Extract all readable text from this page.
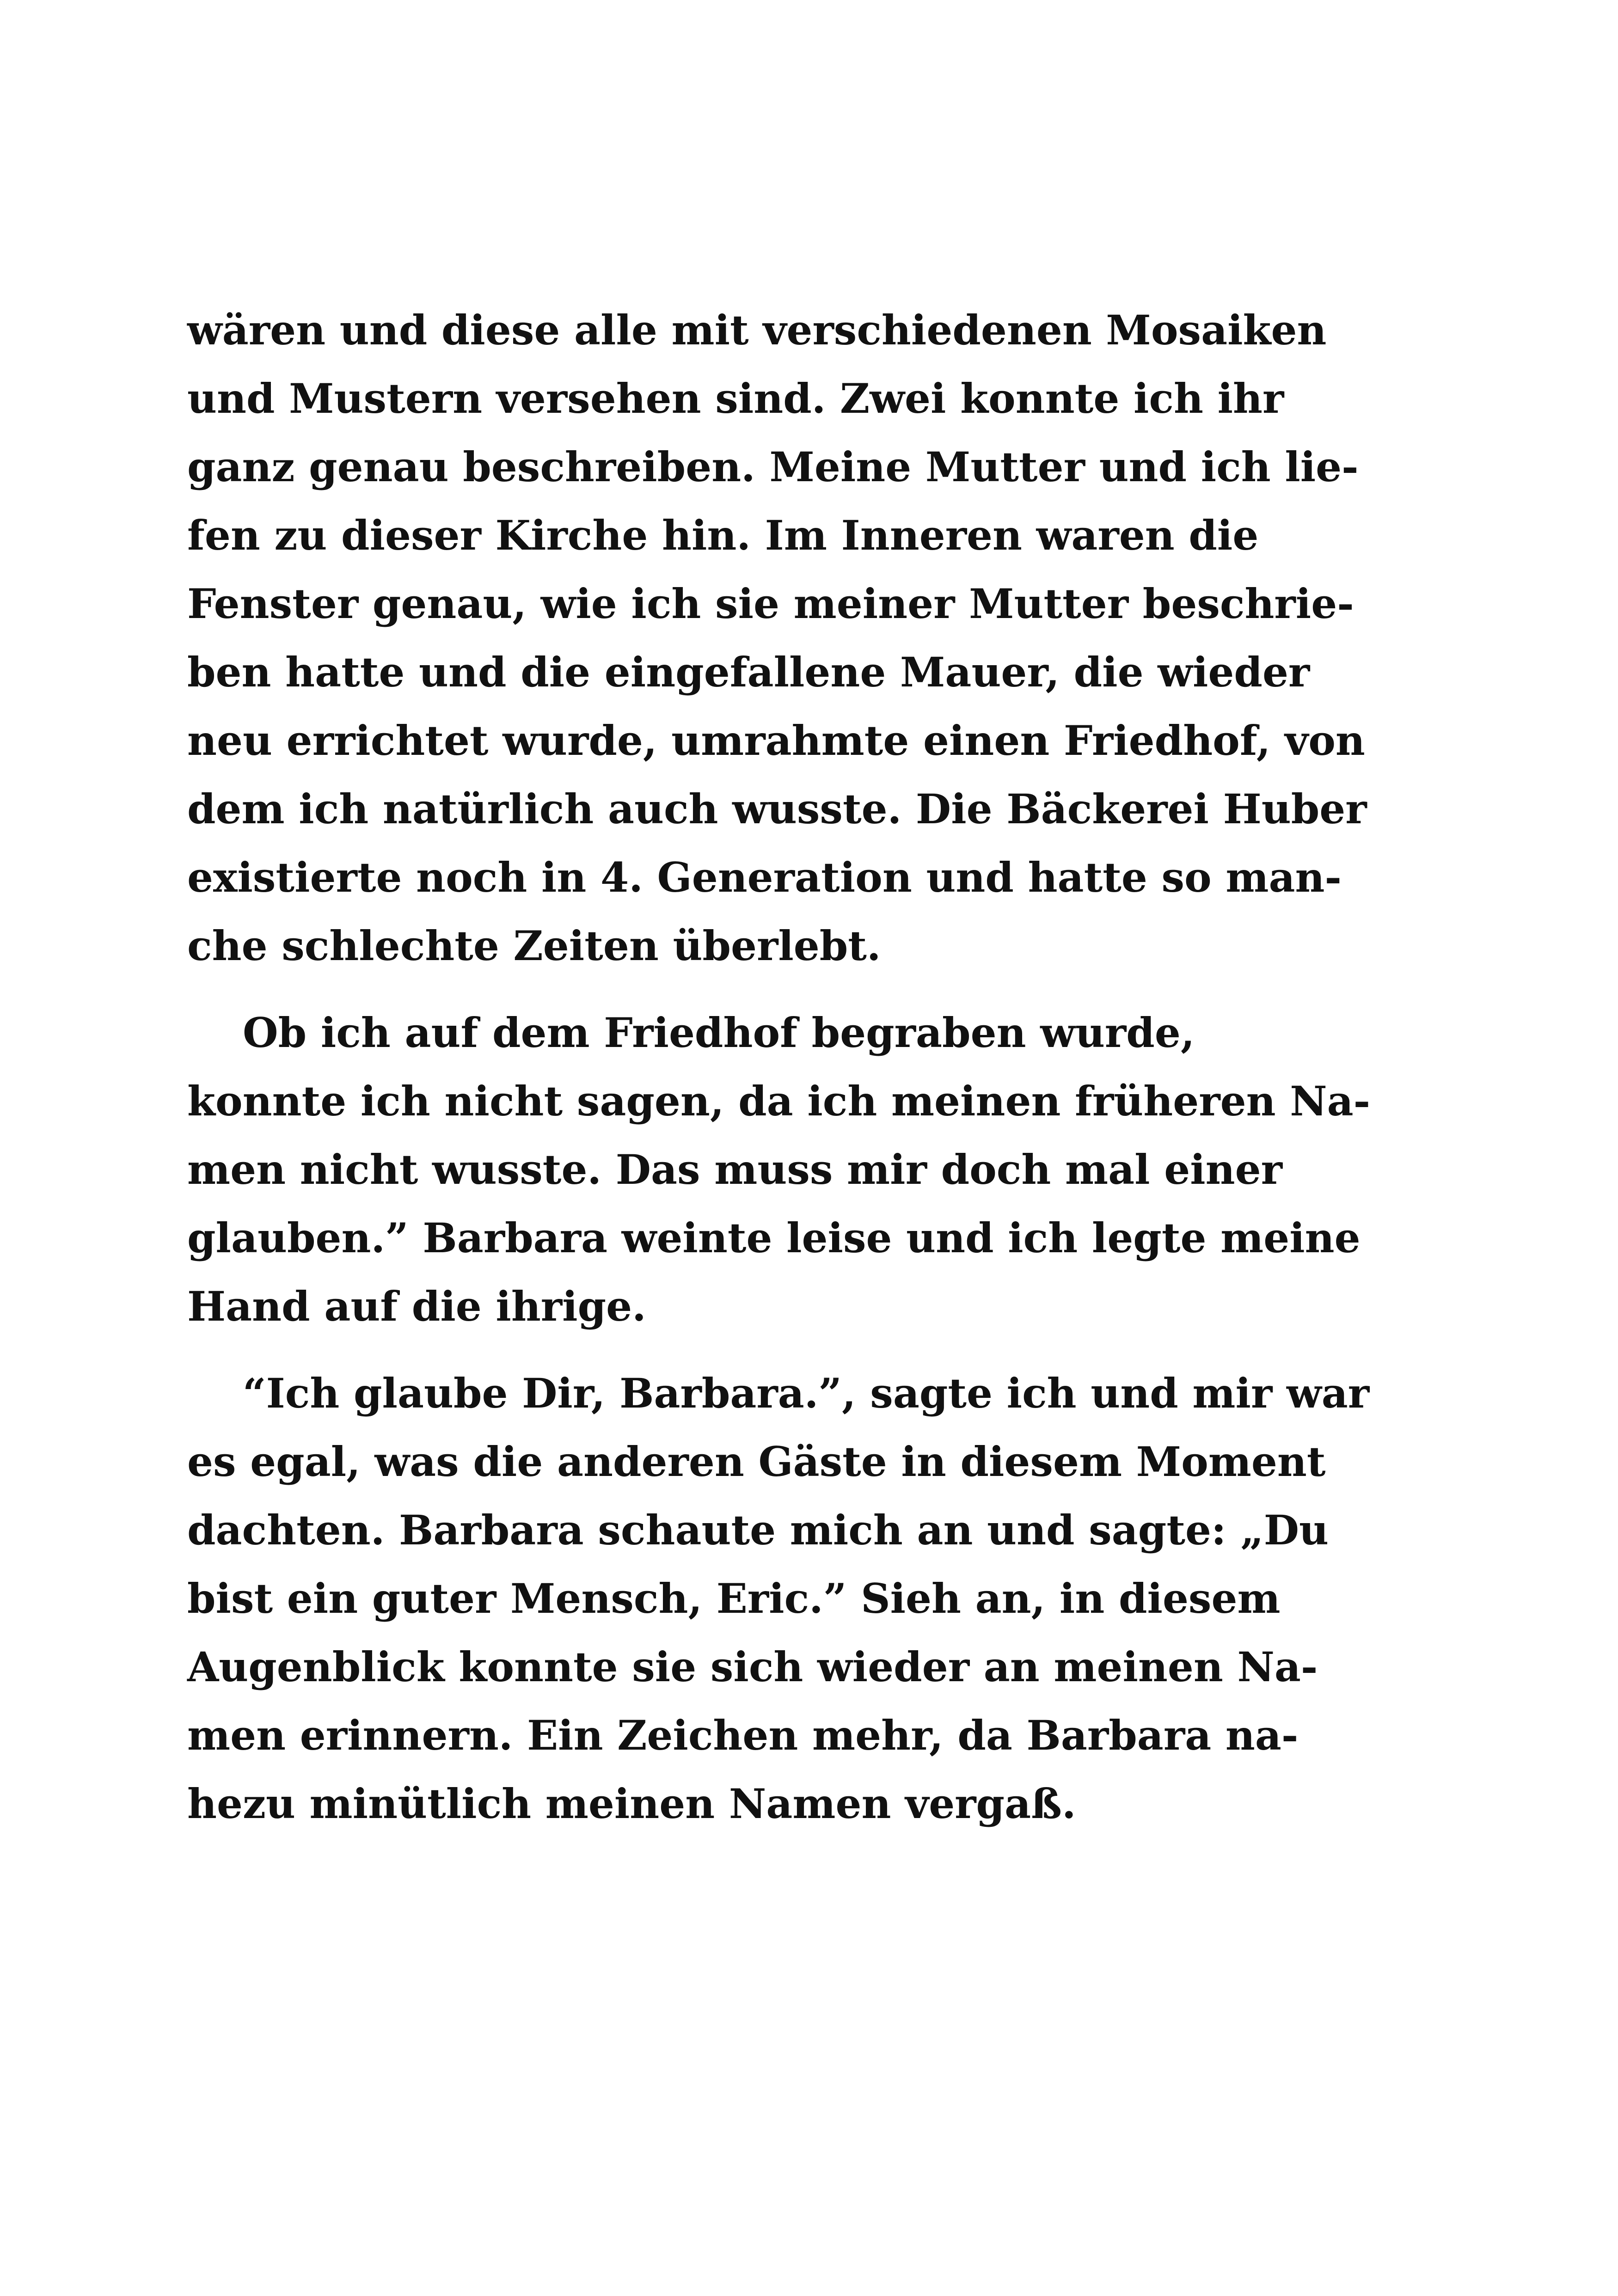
wären und diese alle mit verschiedenen Mosaiken
und Mustern versehen sind. Zwei konnte ich ihr
ganz genau beschreiben. Meine Mutter und ich lie-
fen zu dieser Kirche hin. Im Inneren waren die
Fenster genau, wie ich sie meiner Mutter beschrie-
ben hatte und die eingefallene Mauer, die wieder
neu errichtet wurde, umrahmte einen Friedhof, von
dem ich natürlich auch wusste. Die Bäckerei Huber
existierte noch in 4. Generation und hatte so man-
che schlechte Zeiten überlebt.
Ob ich auf dem Friedhof begraben wurde,
konnte ich nicht sagen, da ich meinen früheren Na-
men nicht wusste. Das muss mir doch mal einer
glauben.” Barbara weinte leise und ich legte meine
Hand auf die ihrige.
“Ich glaube Dir, Barbara.”, sagte ich und mir war
es egal, was die anderen Gäste in diesem Moment
dachten. Barbara schaute mich an und sagte: „Du
bist ein guter Mensch, Eric.” Sieh an, in diesem
Augenblick konnte sie sich wieder an meinen Na-
men erinnern. Ein Zeichen mehr, da Barbara na-
hezu minütlich meinen Namen vergaß.
